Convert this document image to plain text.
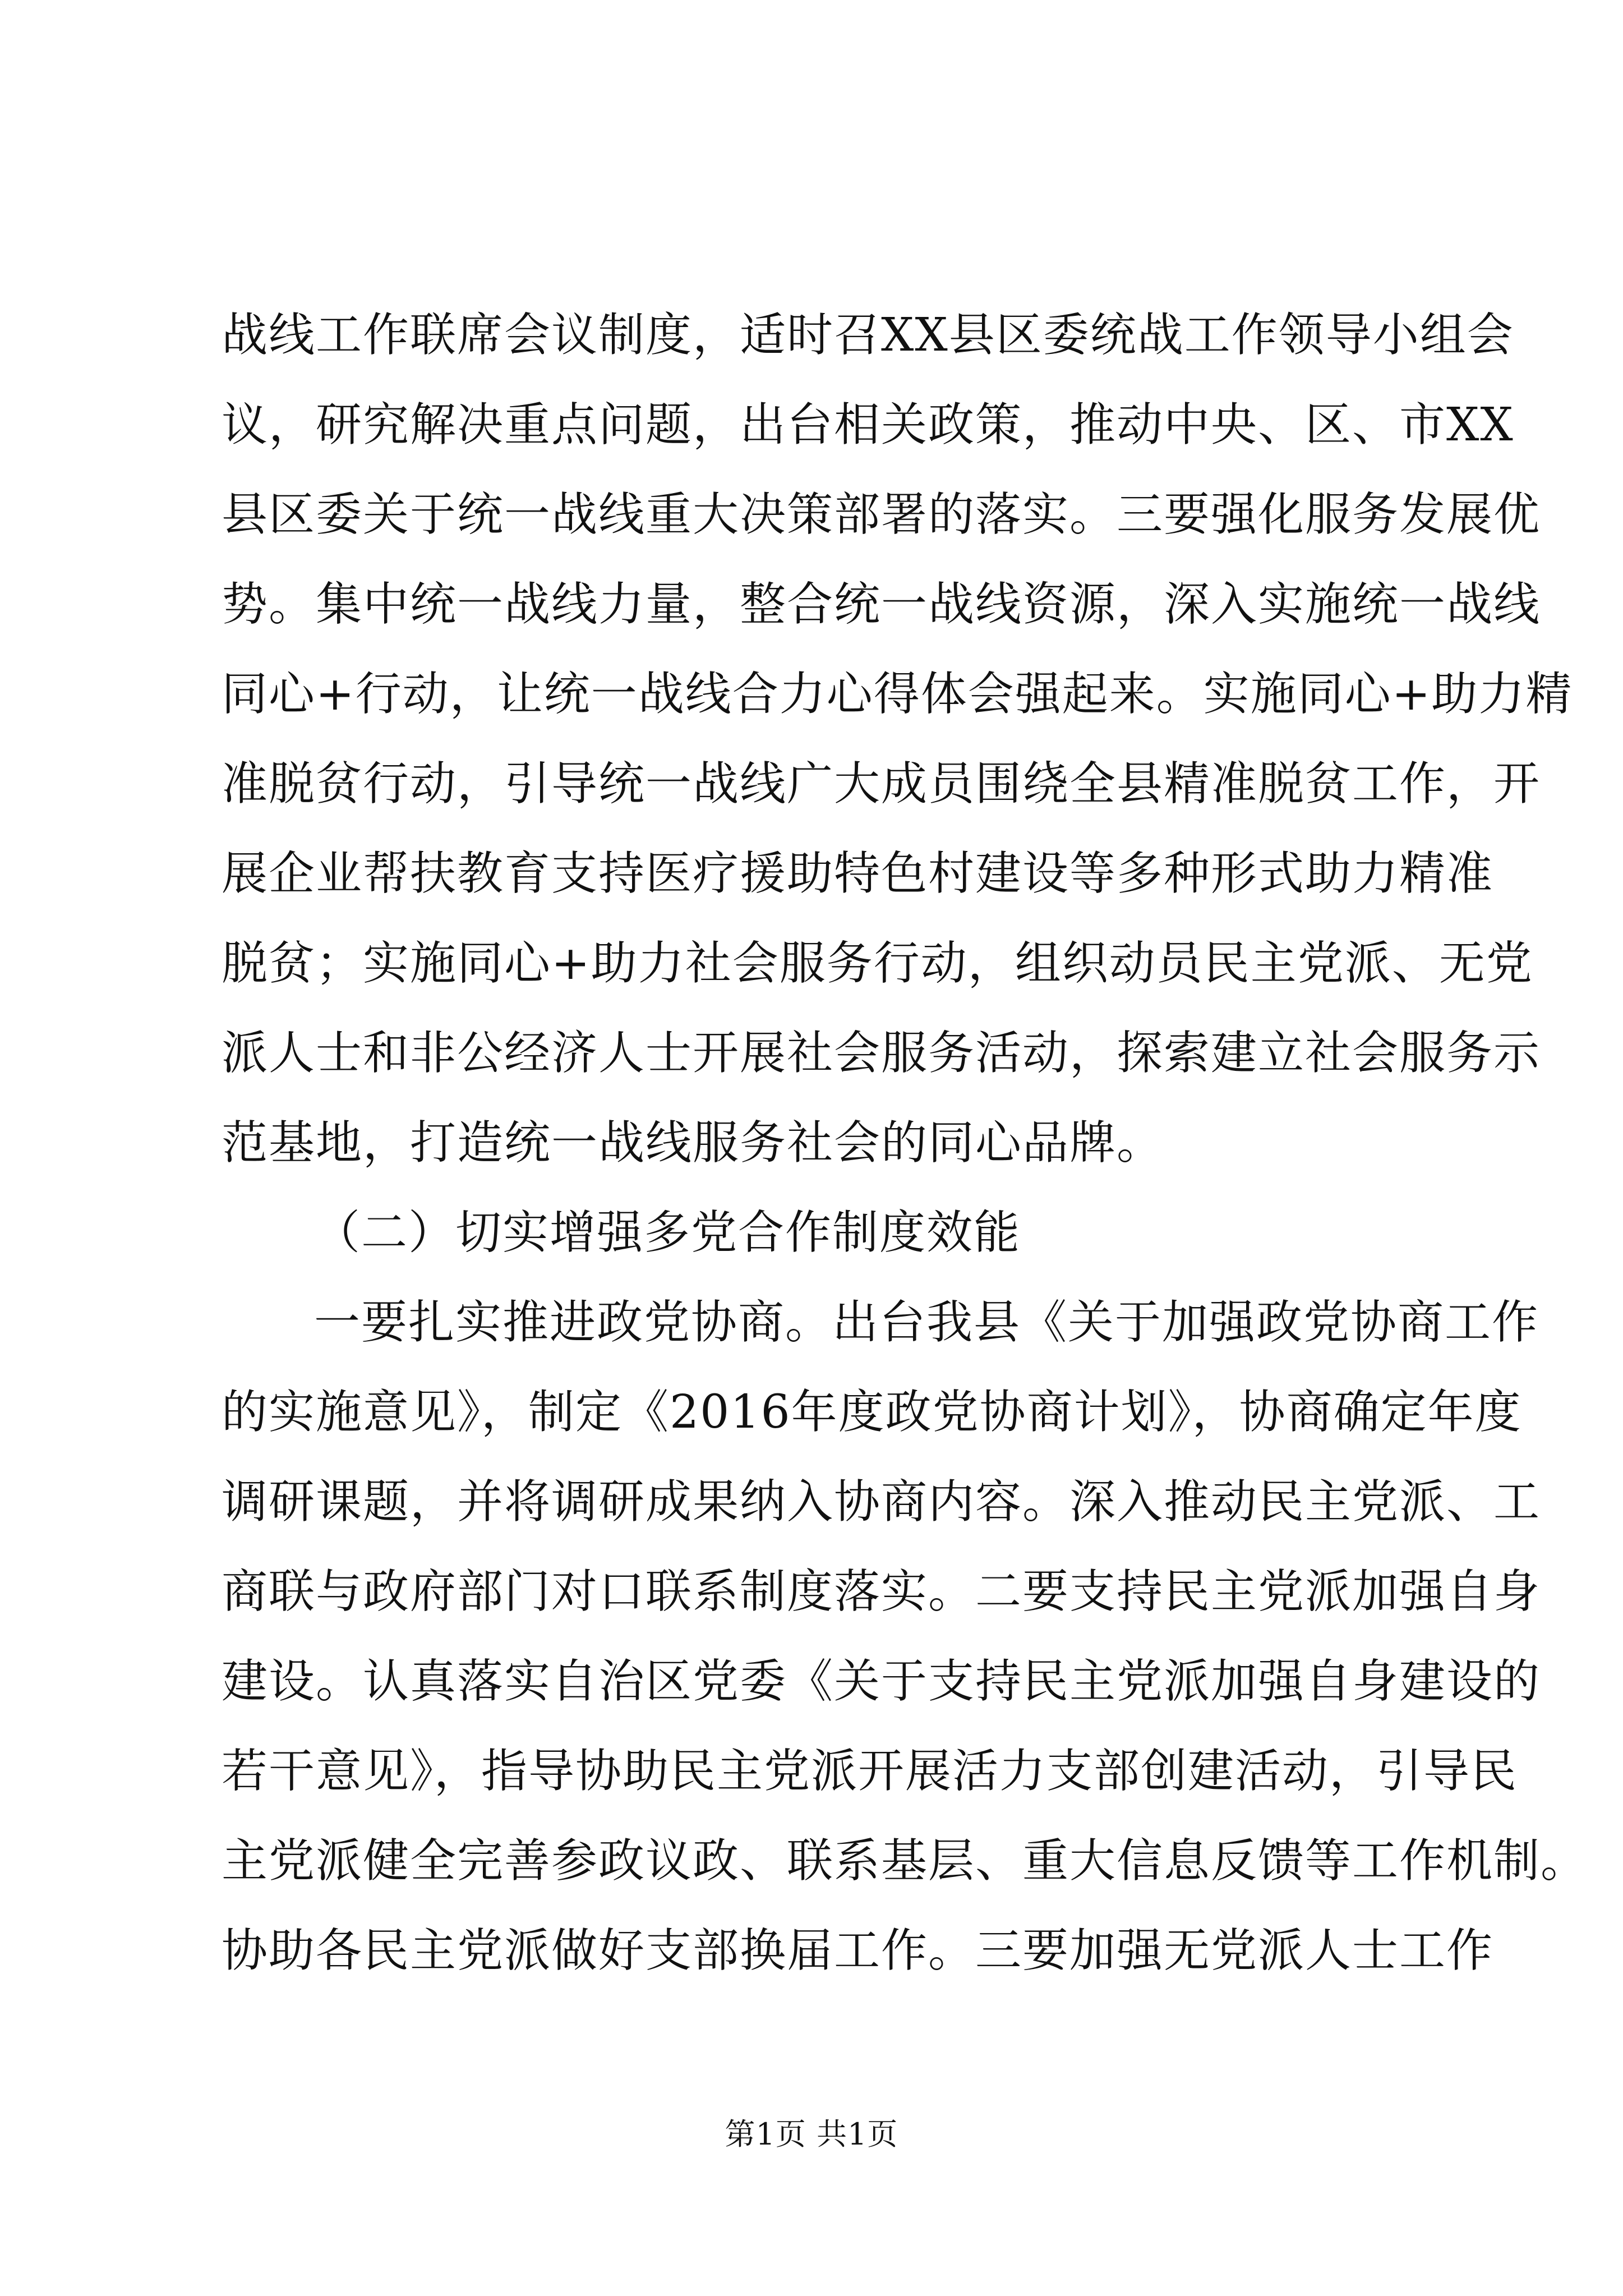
战线工作联席会议制度，适时召XX县区委统战工作领导小组会
议，研究解决重点问题，出台相关政策，推动中央、区、市XX
县区委关于统一战线重大决策部署的落实。三要强化服务发展优
势。集中统一战线力量，整合统一战线资源，深入实施统一战线
同心+行动，让统一战线合力心得体会强起来。实施同心+助力精
准脱贫行动，引导统一战线广大成员围绕全县精准脱贫工作，开
展企业帮扶教育支持医疗援助特色村建设等多种形式助力精准
脱贫；实施同心+助力社会服务行动，组织动员民主党派、无党
派人士和非公经济人士开展社会服务活动，探索建立社会服务示
范基地，打造统一战线服务社会的同心品牌。
（二）切实增强多党合作制度效能
一要扎实推进政党协商。出台我县《关于加强政党协商工作
的实施意见》，制定《2016年度政党协商计划》，协商确定年度
调研课题，并将调研成果纳入协商内容。深入推动民主党派、工
商联与政府部门对口联系制度落实。二要支持民主党派加强自身
建设。认真落实自治区党委《关于支持民主党派加强自身建设的
若干意见》，指导协助民主党派开展活力支部创建活动，引导民
主党派健全完善参政议政、联系基层、重大信息反馈等工作机制。
协助各民主党派做好支部换届工作。三要加强无党派人士工作
第1页 共1页
